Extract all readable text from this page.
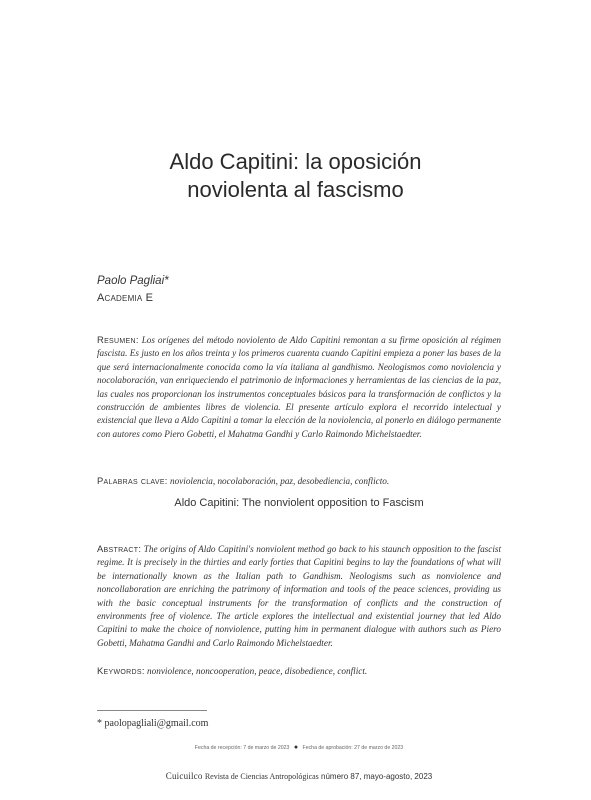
Aldo Capitini: la oposición
noviolenta al fascismo
Paolo Pagliai*
Academia E

Resumen: Los orígenes del método noviolento de Aldo Capitini remontan a su firme oposición al régimen fascista. Es justo en los años treinta y los primeros cuarenta cuando Capitini empieza a poner las bases de la que será internacionalmente conocida como la vía italiana al gandhismo. Neologismos como noviolencia y nocolaboración, van enriqueciendo el patrimonio de informaciones y herramientas de las ciencias de la paz, las cuales nos proporcionan los instrumentos conceptuales básicos para la transformación de conflictos y la construcción de ambientes libres de violencia. El presente artículo explora el recorrido intelectual y existencial que lleva a Aldo Capitini a tomar la elección de la noviolencia, al ponerlo en diálogo permanente con autores como Piero Gobetti, el Mahatma Gandhi y Carlo Raimondo Michelstaedter.

Palabras clave: noviolencia, nocolaboración, paz, desobediencia, conflicto.

Aldo Capitini: The nonviolent opposition to Fascism

Abstract: The origins of Aldo Capitini's nonviolent method go back to his staunch opposition to the fascist regime. It is precisely in the thirties and early forties that Capitini begins to lay the foundations of what will be internationally known as the Italian path to Gandhism. Neologisms such as nonviolence and noncollaboration are enriching the patrimony of information and tools of the peace sciences, providing us with the basic conceptual instruments for the transformation of conflicts and the construction of environments free of violence. The article explores the intellectual and existential journey that led Aldo Capitini to make the choice of nonviolence, putting him in permanent dialogue with authors such as Piero Gobetti, Mahatma Gandhi and Carlo Raimondo Michelstaedter.

Keywords: nonviolence, noncooperation, peace, disobedience, conflict.

* paolopagliali@gmail.com
Fecha de recepción: 7 de marzo de 2023 ● Fecha de aprobación: 27 de marzo de 2023
Cuicuilco Revista de Ciencias Antropológicas número 87, mayo-agosto, 2023
